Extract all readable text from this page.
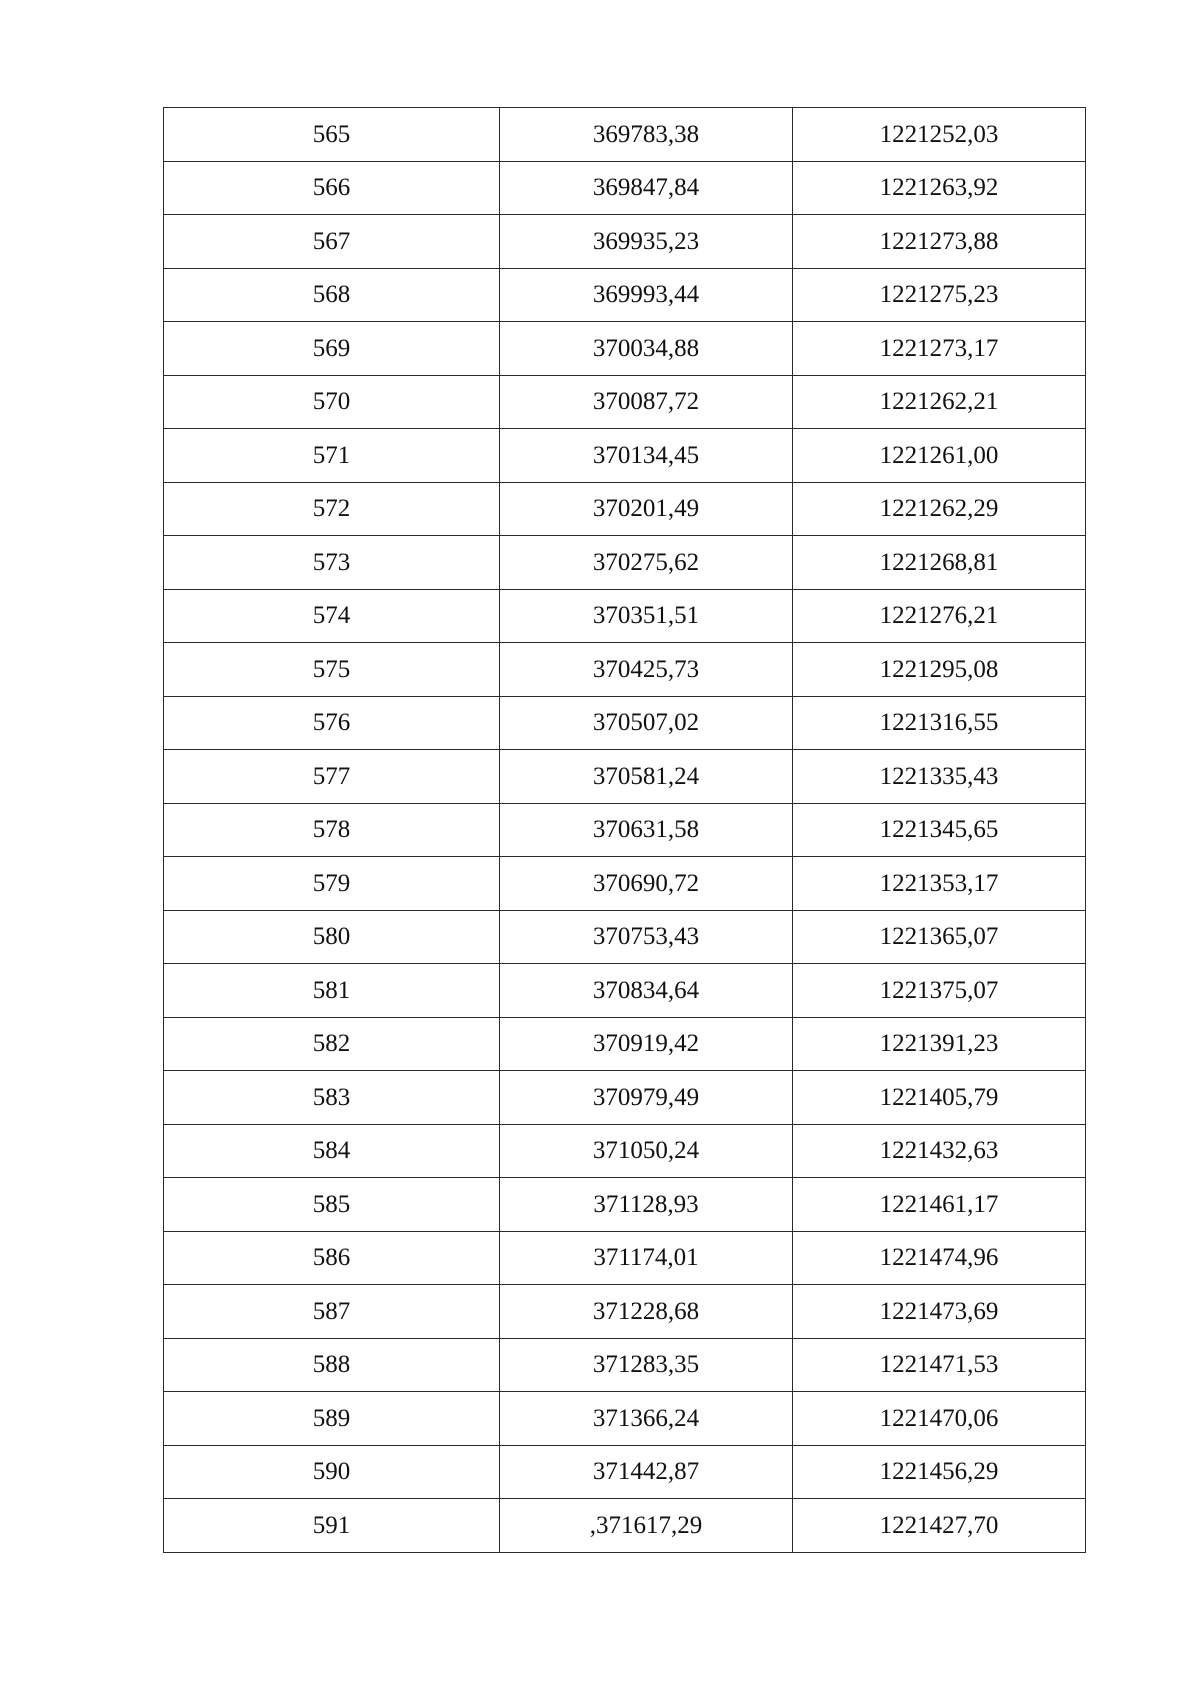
565	369783,38	1221252,03
566	369847,84	1221263,92
567	369935,23	1221273,88
568	369993,44	1221275,23
569	370034,88	1221273,17
570	370087,72	1221262,21
571	370134,45	1221261,00
572	370201,49	1221262,29
573	370275,62	1221268,81
574	370351,51	1221276,21
575	370425,73	1221295,08
576	370507,02	1221316,55
577	370581,24	1221335,43
578	370631,58	1221345,65
579	370690,72	1221353,17
580	370753,43	1221365,07
581	370834,64	1221375,07
582	370919,42	1221391,23
583	370979,49	1221405,79
584	371050,24	1221432,63
585	371128,93	1221461,17
586	371174,01	1221474,96
587	371228,68	1221473,69
588	371283,35	1221471,53
589	371366,24	1221470,06
590	371442,87	1221456,29
591	,371617,29	1221427,70
